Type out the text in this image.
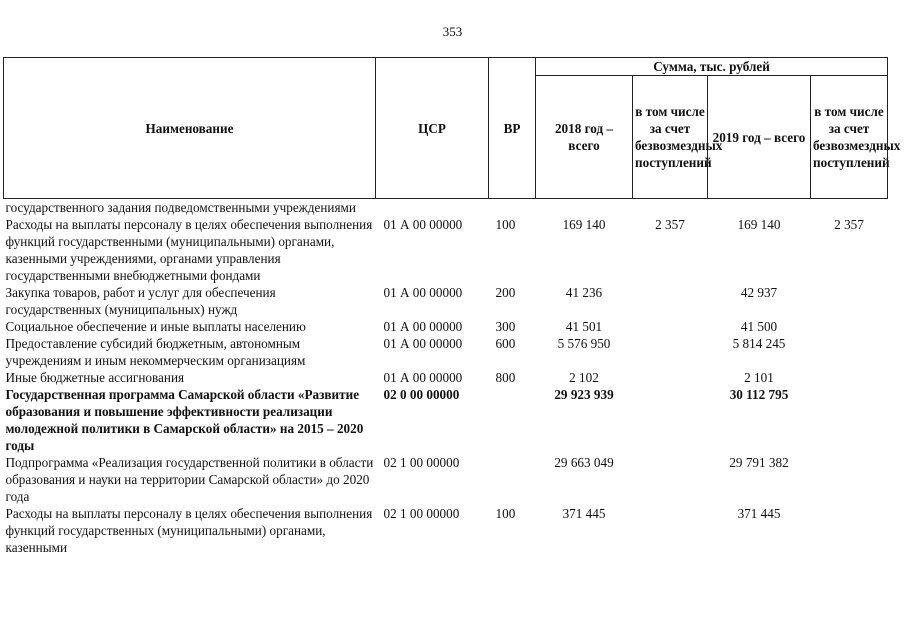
353
Наименование	ЦСР	ВР	Сумма, тыс. рублей			
			2018 год – всего	в том числе за счет безвозмездных поступлений	2019 год – всего	в том числе за счет безвозмездных поступлений
государственного задания подведомственными учреждениями						
Расходы на выплаты персоналу в целях обеспечения выполнения функций государственными (муниципальными) органами, казенными учреждениями, органами управления государственными внебюджетными фондами	01 А 00 00000	100	169 140	2 357	169 140	2 357
Закупка товаров, работ и услуг для обеспечения государственных (муниципальных) нужд	01 А 00 00000	200	41 236		42 937	
Социальное обеспечение и иные выплаты населению	01 А 00 00000	300	41 501		41 500	
Предоставление субсидий бюджетным, автономным учреждениям и иным некоммерческим организациям	01 А 00 00000	600	5 576 950		5 814 245	
Иные бюджетные ассигнования	01 А 00 00000	800	2 102		2 101	
Государственная программа Самарской области «Развитие образования и повышение эффективности реализации молодежной политики в Самарской области» на 2015 – 2020 годы	02 0 00 00000		29 923 939		30 112 795	
Подпрограмма «Реализация государственной политики в области образования и науки на территории Самарской области» до 2020 года	02 1 00 00000		29 663 049		29 791 382	
Расходы на выплаты персоналу в целях обеспечения выполнения функций государственных (муниципальными) органами, казенными	02 1 00 00000	100	371 445		371 445	
